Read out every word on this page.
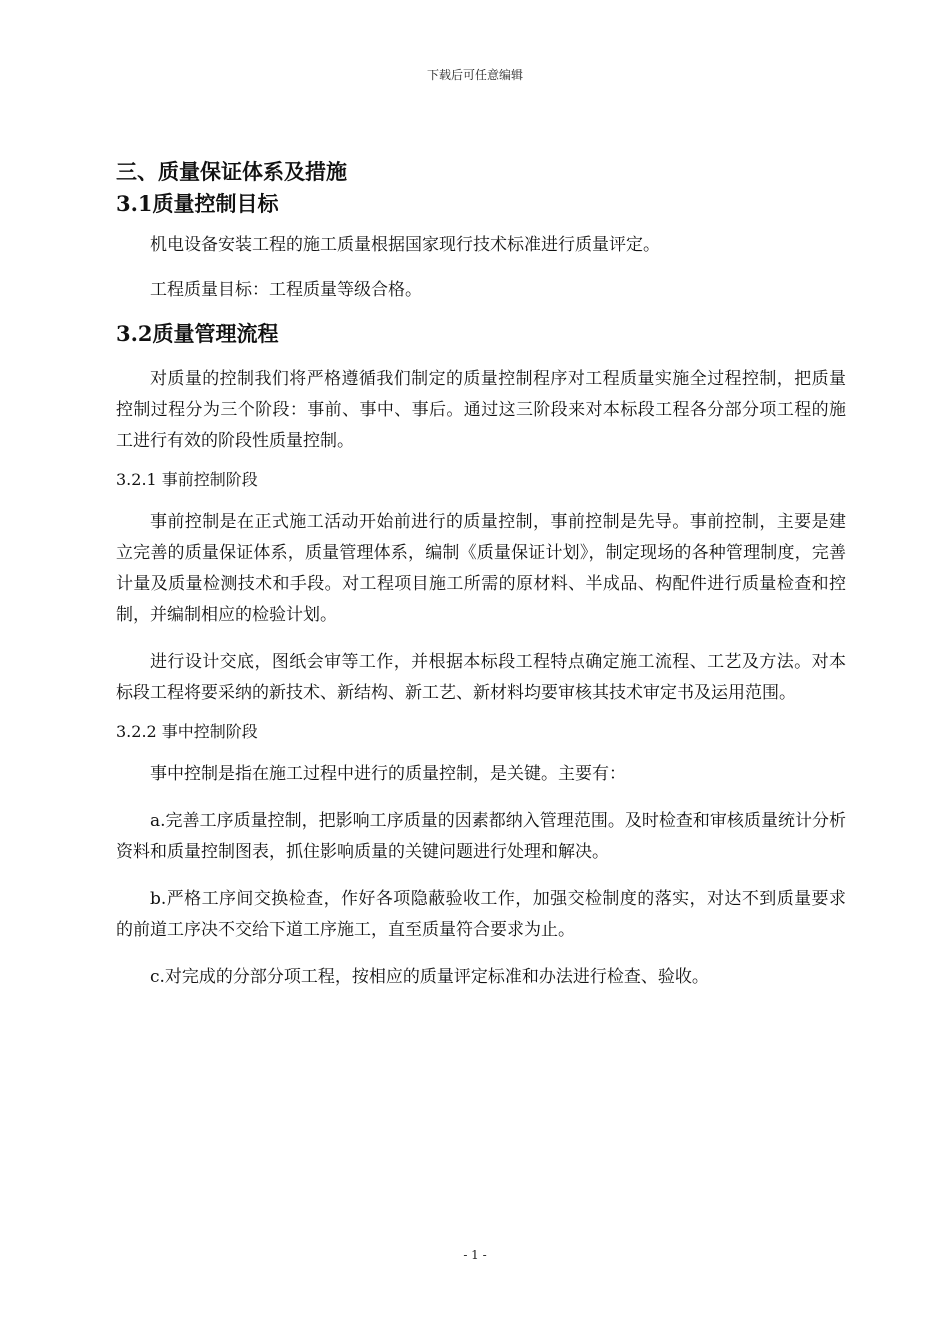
下载后可任意编辑
三、质量保证体系及措施
3.1质量控制目标
机电设备安装工程的施工质量根据国家现行技术标准进行质量评定。
工程质量目标：工程质量等级合格。
3.2质量管理流程
对质量的控制我们将严格遵循我们制定的质量控制程序对工程质量实施全过程控制，把质量控制过程分为三个阶段：事前、事中、事后。通过这三阶段来对本标段工程各分部分项工程的施工进行有效的阶段性质量控制。
3.2.1 事前控制阶段
事前控制是在正式施工活动开始前进行的质量控制，事前控制是先导。事前控制，主要是建立完善的质量保证体系，质量管理体系，编制《质量保证计划》，制定现场的各种管理制度，完善计量及质量检测技术和手段。对工程项目施工所需的原材料、半成品、构配件进行质量检查和控制，并编制相应的检验计划。
进行设计交底，图纸会审等工作，并根据本标段工程特点确定施工流程、工艺及方法。对本标段工程将要采纳的新技术、新结构、新工艺、新材料均要审核其技术审定书及运用范围。
3.2.2 事中控制阶段
事中控制是指在施工过程中进行的质量控制，是关键。主要有：
a.完善工序质量控制，把影响工序质量的因素都纳入管理范围。及时检查和审核质量统计分析资料和质量控制图表，抓住影响质量的关键问题进行处理和解决。
b.严格工序间交换检查，作好各项隐蔽验收工作，加强交检制度的落实，对达不到质量要求的前道工序决不交给下道工序施工，直至质量符合要求为止。
c.对完成的分部分项工程，按相应的质量评定标准和办法进行检查、验收。
- 1 -
